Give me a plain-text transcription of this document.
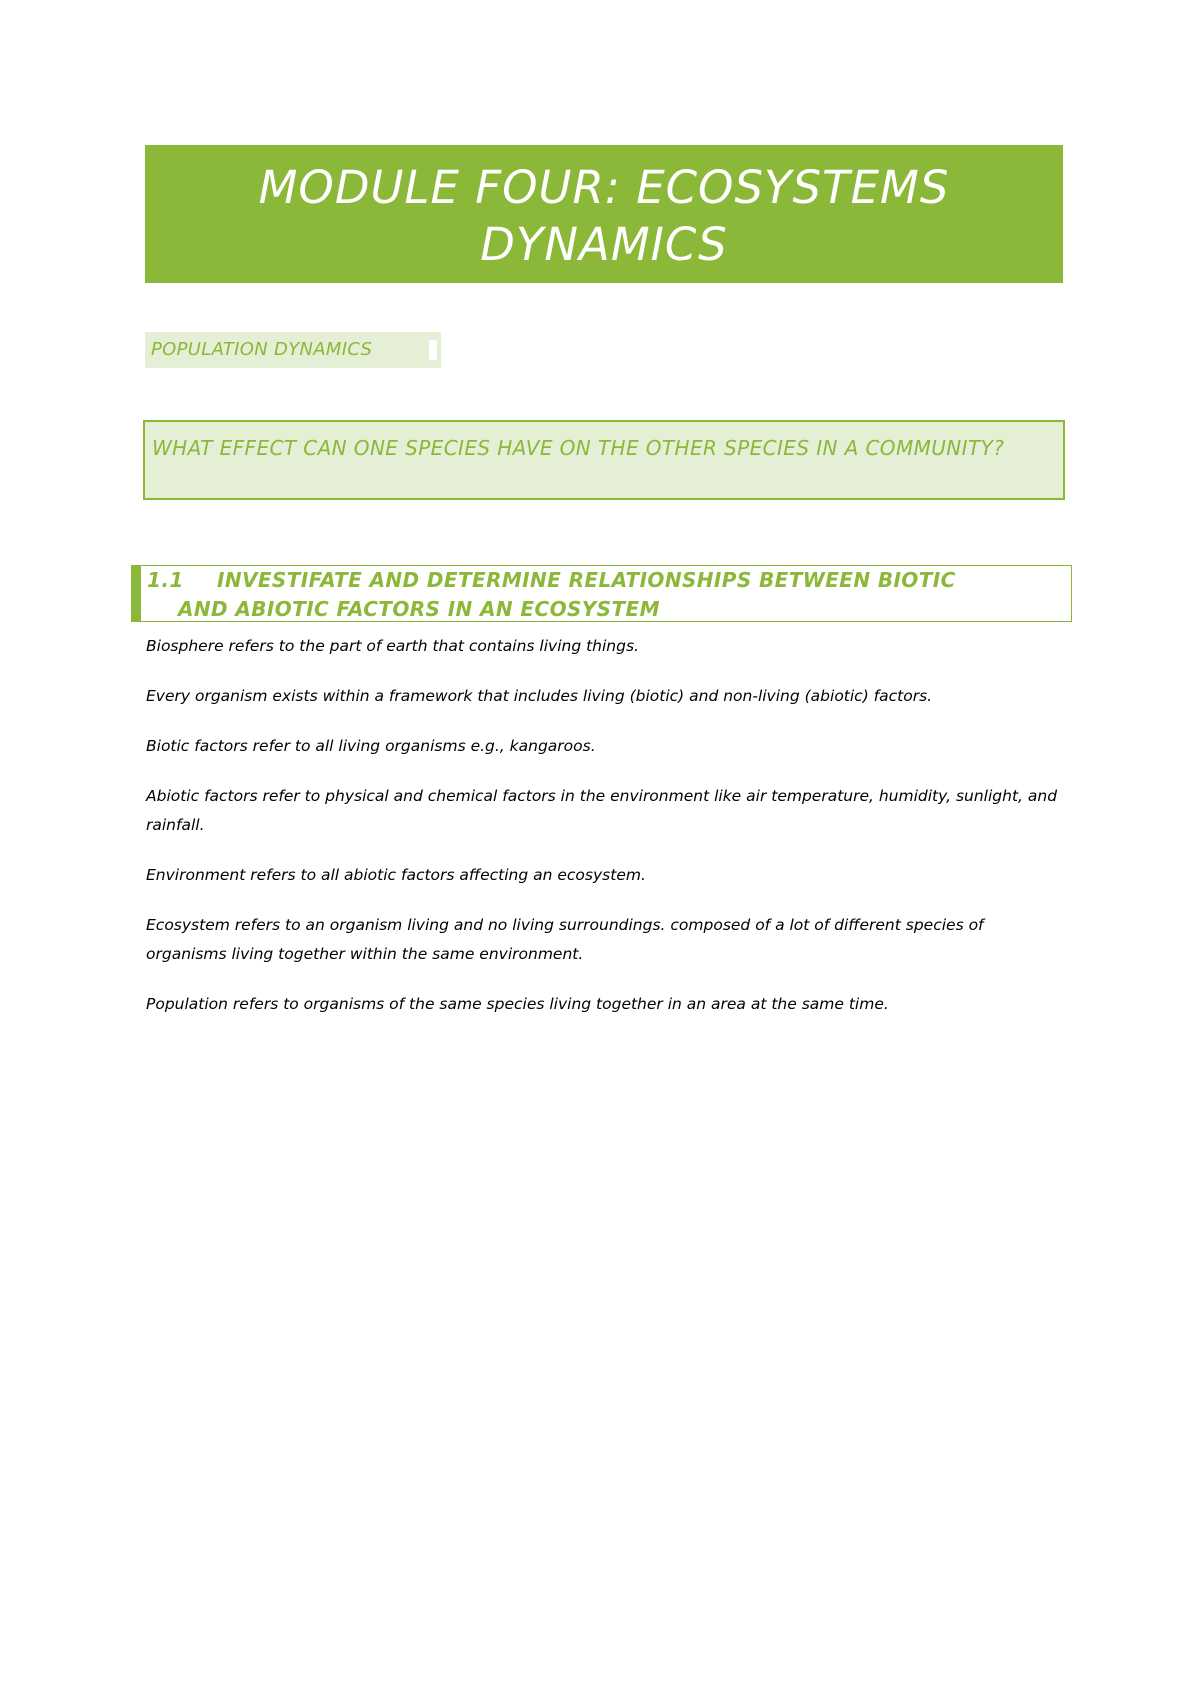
MODULE FOUR: ECOSYSTEMS
DYNAMICS
POPULATION DYNAMICS
WHAT EFFECT CAN ONE SPECIES HAVE ON THE OTHER SPECIES IN A COMMUNITY?
1.1 INVESTIFATE AND DETERMINE RELATIONSHIPS BETWEEN BIOTIC
AND ABIOTIC FACTORS IN AN ECOSYSTEM

Biosphere refers to the part of earth that contains living things.

Every organism exists within a framework that includes living (biotic) and non-living (abiotic) factors.

Biotic factors refer to all living organisms e.g., kangaroos.

Abiotic factors refer to physical and chemical factors in the environment like air temperature, humidity, sunlight, and rainfall.

Environment refers to all abiotic factors affecting an ecosystem.

Ecosystem refers to an organism living and no living surroundings. composed of a lot of different species of organisms living together within the same environment.

Population refers to organisms of the same species living together in an area at the same time.
